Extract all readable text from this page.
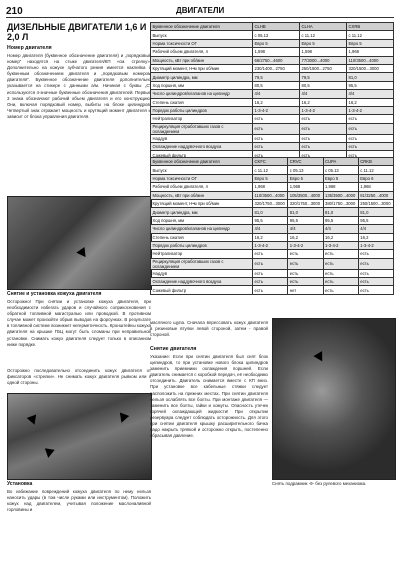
210	ДВИГАТЕЛИ
ДИЗЕЛЬНЫЕ ДВИГАТЕЛИ 1,6 И 2,0 Л
Номер двигателя
Номер двигателя (буквенное обозначение двигателя) и „порядковый номер“ находятся на стыке двигателя/КП «см. стрелку». Дополнительно на кожухе зубчатого ремня имеется наклейка с буквенным обозначением двигателя и „порядковым номером двигателя“. Буквенное обозначение двигателя дополнительно указывается на стикере с данными а/м. Начиная с буквы „С“ используются 4-значные буквенные обозначения двигателей. Первые 3 знака обозначают рабочий объем двигателя и его конструкцию. Они, включая порядковый номер, выбиты на блоке цилиндров. Четвертый знак отражает мощность и крутящий момент двигателя и зависит от блока управления двигателя.
Снятие и установка кожуха двигателя
Осторожно! При снятии и установке кожуха двигателя, при необходимости избегать ударов и случайного соприкосновения с обратной топливной магистралью или проводкой. В противном случае может произойти обрыв выводов на форсунках. В результате в топливной системе возникнет негерметичность. Кронштейны кожуха двигателя на крышке ГБЦ могут быть сломаны при неправильной установке. Снимать кожух двигателя следует только в описанном ниже порядке.
Осторожно последовательно отсоединить кожух двигателя от фиксаторов «стрелки». Не снимать кожух двигателя рывком или с одной стороны.
Установка
Во избежание повреждений кожуха двигателя по нему нельзя наносить удары (в том числе руками или инструментом). Положить кожух над двигателем, учитывая положение маслоналивной горловины и
Буквенное обозначение двигателя	CLHB	CLHA	CXRB
Выпуск	с 05.13	с 11.12	с 11.12
Норма токсичности ОГ	Евро 5	Евро 5	Евро 5
Рабочий объем двигателя, л	1,598	1,598	1,968
Мощность, кВт при об/мин	66/2750...4600	77/3000...4000	110/3500...4000
Крутящий момент, Н•м при об/мин	230/1400...2750	250/1500...2750	320/1500...3000
Диаметр цилиндра, мм	79,5	79,5	81,0
Ход поршня, мм	80,5	80,5	95,5
Число цилиндров/клапанов на цилиндр	4/4	4/4	4/4
Степень сжатия	16,2	16,2	16,2
Порядок работы цилиндров	1-3-4-2	1-3-4-2	1-3-4-2
Нейтрализатор	есть	есть	есть
Рециркуляция отработавших газов с охлаждением	есть	есть	есть
Наддув	есть	есть	есть
Охлаждение наддувочного воздуха	есть	есть	есть
Сажевый фильтр	есть	есть	есть
Буквенное обозначение двигателя	CKFC	CRVC	CUPA	CRKB
Выпуск	с 11.12	с 05.13	с 05.13	с 11.12
Норма токсичности ОГ	Евро 5	Евро 5	Евро 5	Евро 6
Рабочий объем двигателя, л	1,968	1,968	1,968	1,968
Мощность, кВт при об/мин	110/3500...4000	105/3500...4000	135/3500...4000	81/3250...4000
Крутящий момент, Н•м при об/мин	320/1750...3000	320/1750...3000	380/1750...3000	250/1500...3000
Диаметр цилиндра, мм	81,0	81,0	81,0	81,0
Ход поршня, мм	95,5	95,5	95,5	95,5
Число цилиндров/клапанов на цилиндр	4/4	4/4	4/4	4/4
Степень сжатия	16,2	16,2	16,2	16,2
Порядок работы цилиндров	1-3-4-2	1-3-4-2	1-3-4-2	1-3-4-2
Нейтрализатор	есть	есть	есть	есть
Рециркуляция отработавших газов с охлаждением	есть	есть	есть	есть
Наддув	есть	есть	есть	есть
Охлаждение наддувочного воздуха	есть	есть	есть	есть
Сажевый фильтр	есть	нет	есть	есть
масляного щупа. Сначала впрессовать кожух двигателя в резиновые втулки левой стороной, затем - правой стороной.
Снятие двигателя
Указание: Если при снятии двигателя был снят блок цилиндров, то при установке нового блока цилиндров заменить приемники охлаждения поршней. Если двигатель снимается с коробкой передач, её необходимо отсоединить. Двигатель снимается вместе с КП вниз. При установке все кабельные стяжки следует расположить на прежних местах. При снятии двигателя нельзя ослаблять все болты. При монтаже двигателя — заменить все болты, гайки и хомуты. Опасность утечек горячей охлаждающей жидкости! При открытии резервуара следует соблюдать осторожность. Для этого при снятии двигателя крышку расширительного бачка надо накрыть тряпкой и осторожно открыть, постепенно сбрасывая давление.
Снять подрамник -9- без рулевого механизма.
